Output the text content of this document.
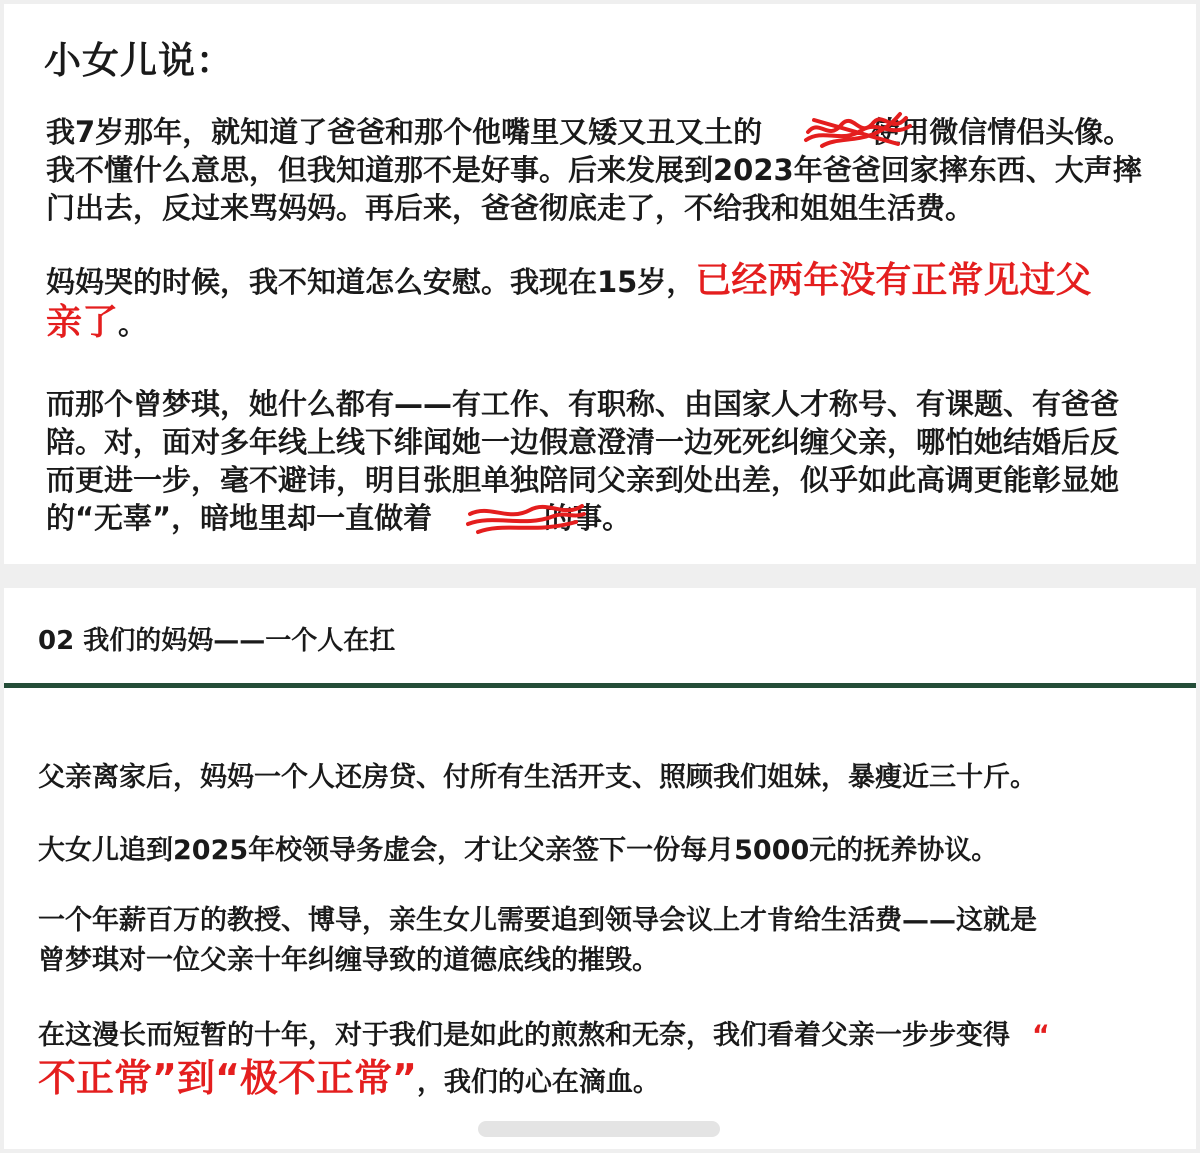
小女儿说：
我7岁那年，就知道了爸爸和那个他嘴里又矮又丑又土的	使用微信情侣头像。
我不懂什么意思，但我知道那不是好事。后来发展到2023年爸爸回家摔东西、大声摔
门出去，反过来骂妈妈。再后来，爸爸彻底走了，不给我和姐姐生活费。
妈妈哭的时候，我不知道怎么安慰。我现在15岁，已经两年没有正常见过父
亲了。
而那个曾梦琪，她什么都有——有工作、有职称、由国家人才称号、有课题、有爸爸
陪。对，面对多年线上线下绯闻她一边假意澄清一边死死纠缠父亲，哪怕她结婚后反
而更进一步，毫不避讳，明目张胆单独陪同父亲到处出差，似乎如此高调更能彰显她
的“无辜”，暗地里却一直做着	的事。
02 我们的妈妈——一个人在扛
父亲离家后，妈妈一个人还房贷、付所有生活开支、照顾我们姐妹，暴瘦近三十斤。
大女儿追到2025年校领导务虚会，才让父亲签下一份每月5000元的抚养协议。
一个年薪百万的教授、博导，亲生女儿需要追到领导会议上才肯给生活费——这就是
曾梦琪对一位父亲十年纠缠导致的道德底线的摧毁。
在这漫长而短暂的十年，对于我们是如此的煎熬和无奈，我们看着父亲一步步变得 “
不正常”到“极不正常”，我们的心在滴血。
